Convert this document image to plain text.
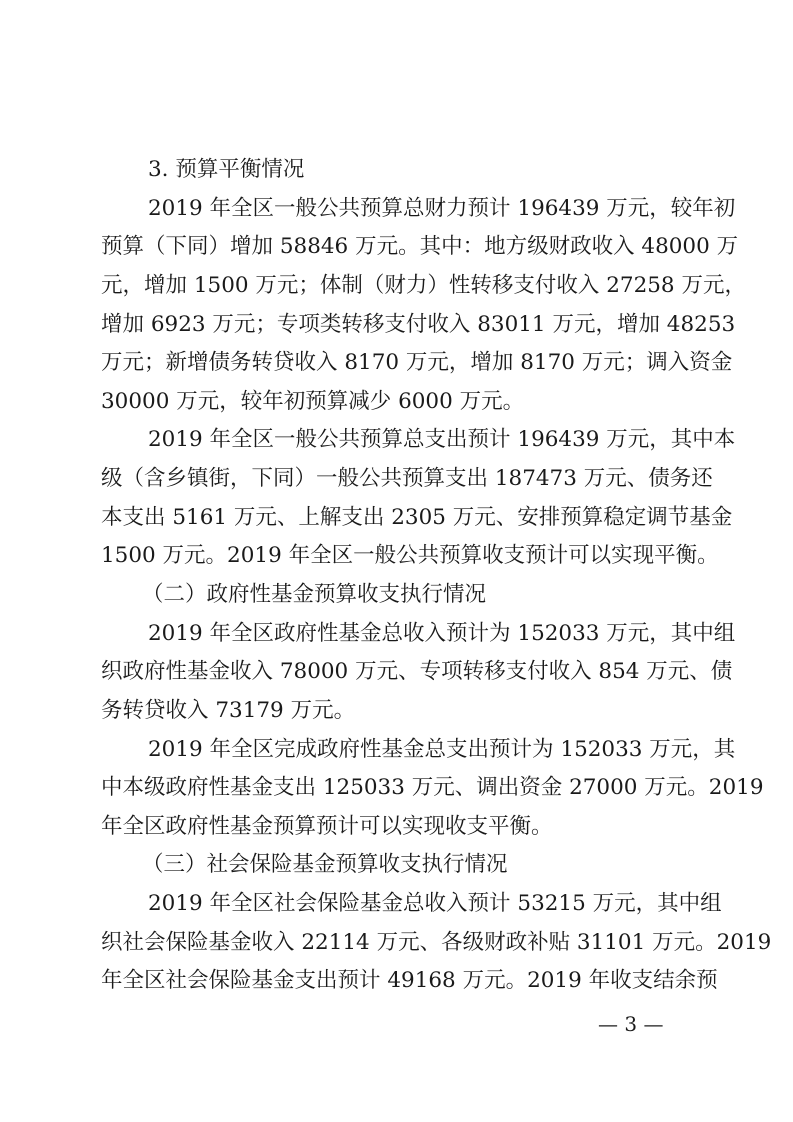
3. 预算平衡情况
2019 年全区一般公共预算总财力预计 196439 万元，较年初
预算（下同）增加 58846 万元。其中：地方级财政收入 48000 万
元，增加 1500 万元；体制（财力）性转移支付收入 27258 万元，
增加 6923 万元；专项类转移支付收入 83011 万元，增加 48253
万元；新增债务转贷收入 8170 万元，增加 8170 万元；调入资金
30000 万元，较年初预算减少 6000 万元。
2019 年全区一般公共预算总支出预计 196439 万元，其中本
级（含乡镇街，下同）一般公共预算支出 187473 万元、债务还
本支出 5161 万元、上解支出 2305 万元、安排预算稳定调节基金
1500 万元。2019 年全区一般公共预算收支预计可以实现平衡。
（二）政府性基金预算收支执行情况
2019 年全区政府性基金总收入预计为 152033 万元，其中组
织政府性基金收入 78000 万元、专项转移支付收入 854 万元、债
务转贷收入 73179 万元。
2019 年全区完成政府性基金总支出预计为 152033 万元，其
中本级政府性基金支出 125033 万元、调出资金 27000 万元。2019
年全区政府性基金预算预计可以实现收支平衡。
（三）社会保险基金预算收支执行情况
2019 年全区社会保险基金总收入预计 53215 万元，其中组
织社会保险基金收入 22114 万元、各级财政补贴 31101 万元。2019
年全区社会保险基金支出预计 49168 万元。2019 年收支结余预
— 3 —
